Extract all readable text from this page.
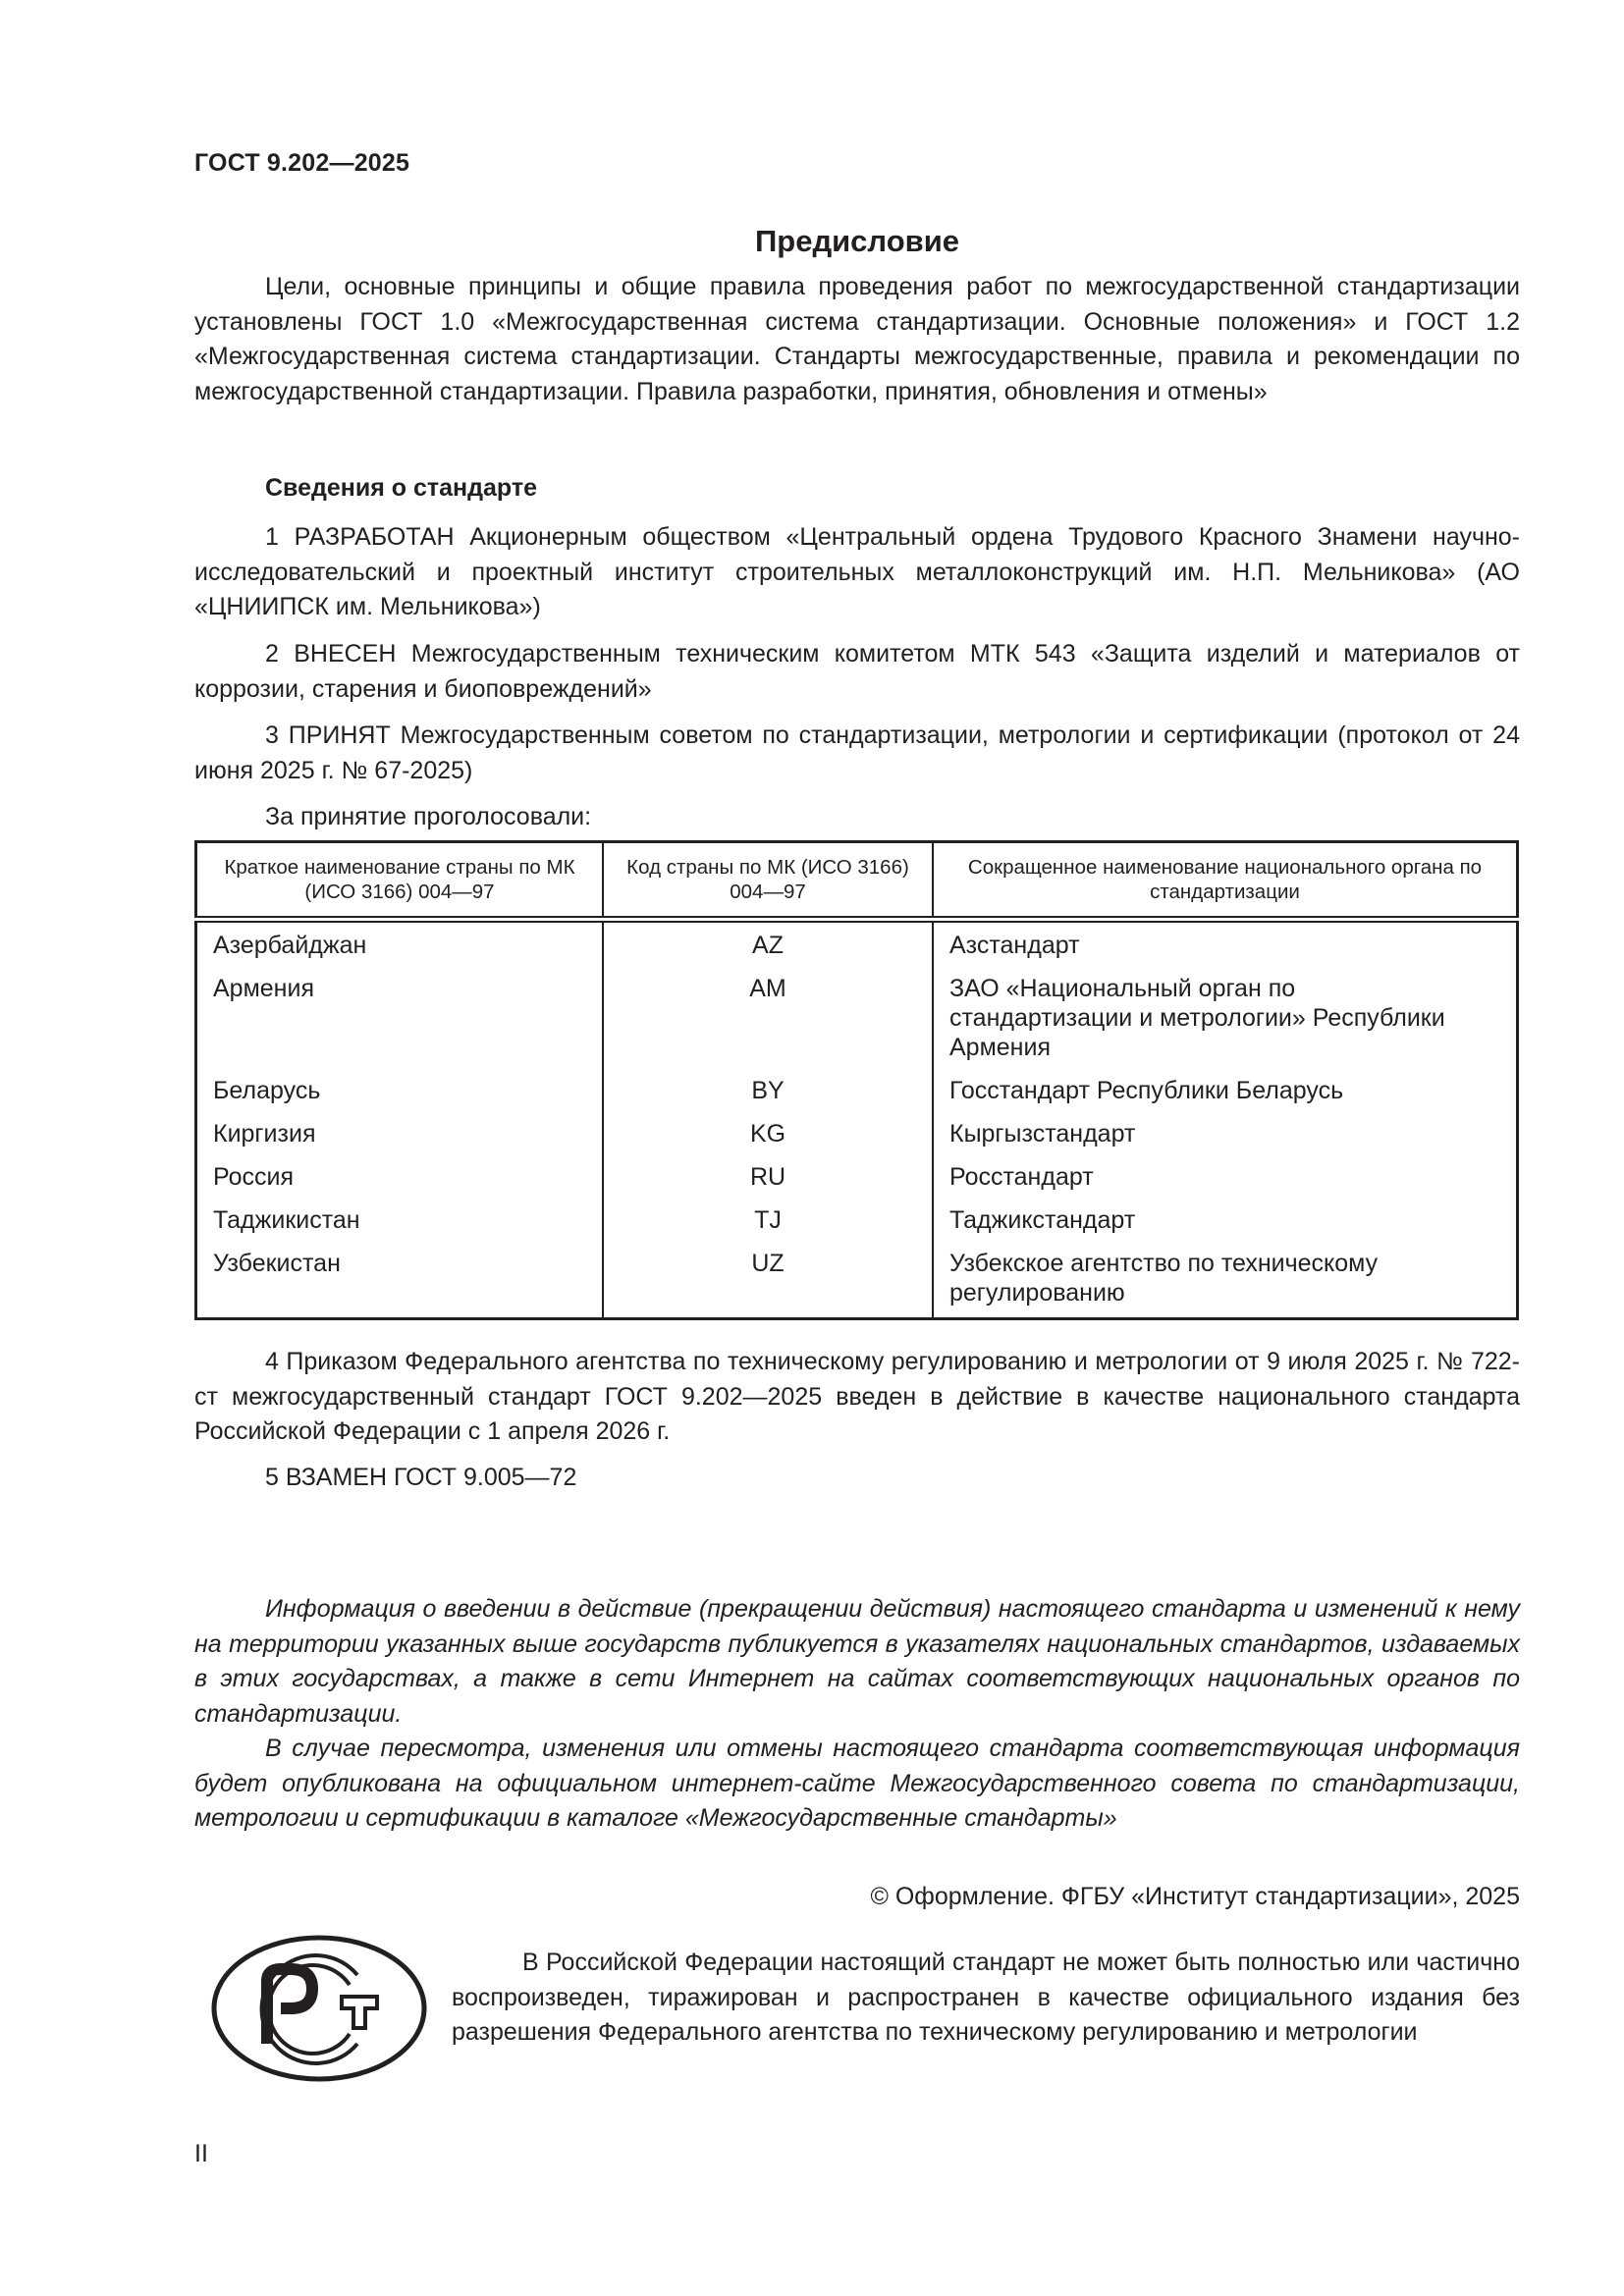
ГОСТ 9.202—2025
Предисловие

Цели, основные принципы и общие правила проведения работ по межгосударственной стандартизации установлены ГОСТ 1.0 «Межгосударственная система стандартизации. Основные положения» и ГОСТ 1.2 «Межгосударственная система стандартизации. Стандарты межгосударственные, правила и рекомендации по межгосударственной стандартизации. Правила разработки, принятия, обновления и отмены»

Сведения о стандарте

1 РАЗРАБОТАН Акционерным обществом «Центральный ордена Трудового Красного Знамени научно-исследовательский и проектный институт строительных металлоконструкций им. Н.П. Мельникова» (АО «ЦНИИПСК им. Мельникова»)

2 ВНЕСЕН Межгосударственным техническим комитетом МТК 543 «Защита изделий и материалов от коррозии, старения и биоповреждений»

3 ПРИНЯТ Межгосударственным советом по стандартизации, метрологии и сертификации (протокол от 24 июня 2025 г. № 67-2025)

За принятие проголосовали:

Краткое наименование страны по МК (ИСО 3166) 004—97	Код страны по МК (ИСО 3166) 004—97	Сокращенное наименование национального органа по стандартизации
Азербайджан	AZ	Азстандарт
Армения	AM	ЗАО «Национальный орган по стандартизации и метрологии» Республики Армения
Беларусь	BY	Госстандарт Республики Беларусь
Киргизия	KG	Кыргызстандарт
Россия	RU	Росстандарт
Таджикистан	TJ	Таджикстандарт
Узбекистан	UZ	Узбекское агентство по техническому регулированию

4 Приказом Федерального агентства по техническому регулированию и метрологии от 9 июля 2025 г. № 722-ст межгосударственный стандарт ГОСТ 9.202—2025 введен в действие в качестве национального стандарта Российской Федерации с 1 апреля 2026 г.

5 ВЗАМЕН ГОСТ 9.005—72

Информация о введении в действие (прекращении действия) настоящего стандарта и изменений к нему на территории указанных выше государств публикуется в указателях национальных стандартов, издаваемых в этих государствах, а также в сети Интернет на сайтах соответствующих национальных органов по стандартизации.

В случае пересмотра, изменения или отмены настоящего стандарта соответствующая информация будет опубликована на официальном интернет-сайте Межгосударственного совета по стандартизации, метрологии и сертификации в каталоге «Межгосударственные стандарты»

© Оформление. ФГБУ «Институт стандартизации», 2025

В Российской Федерации настоящий стандарт не может быть полностью или частично воспроизведен, тиражирован и распространен в качестве официального издания без разрешения Федерального агентства по техническому регулированию и метрологии

II
